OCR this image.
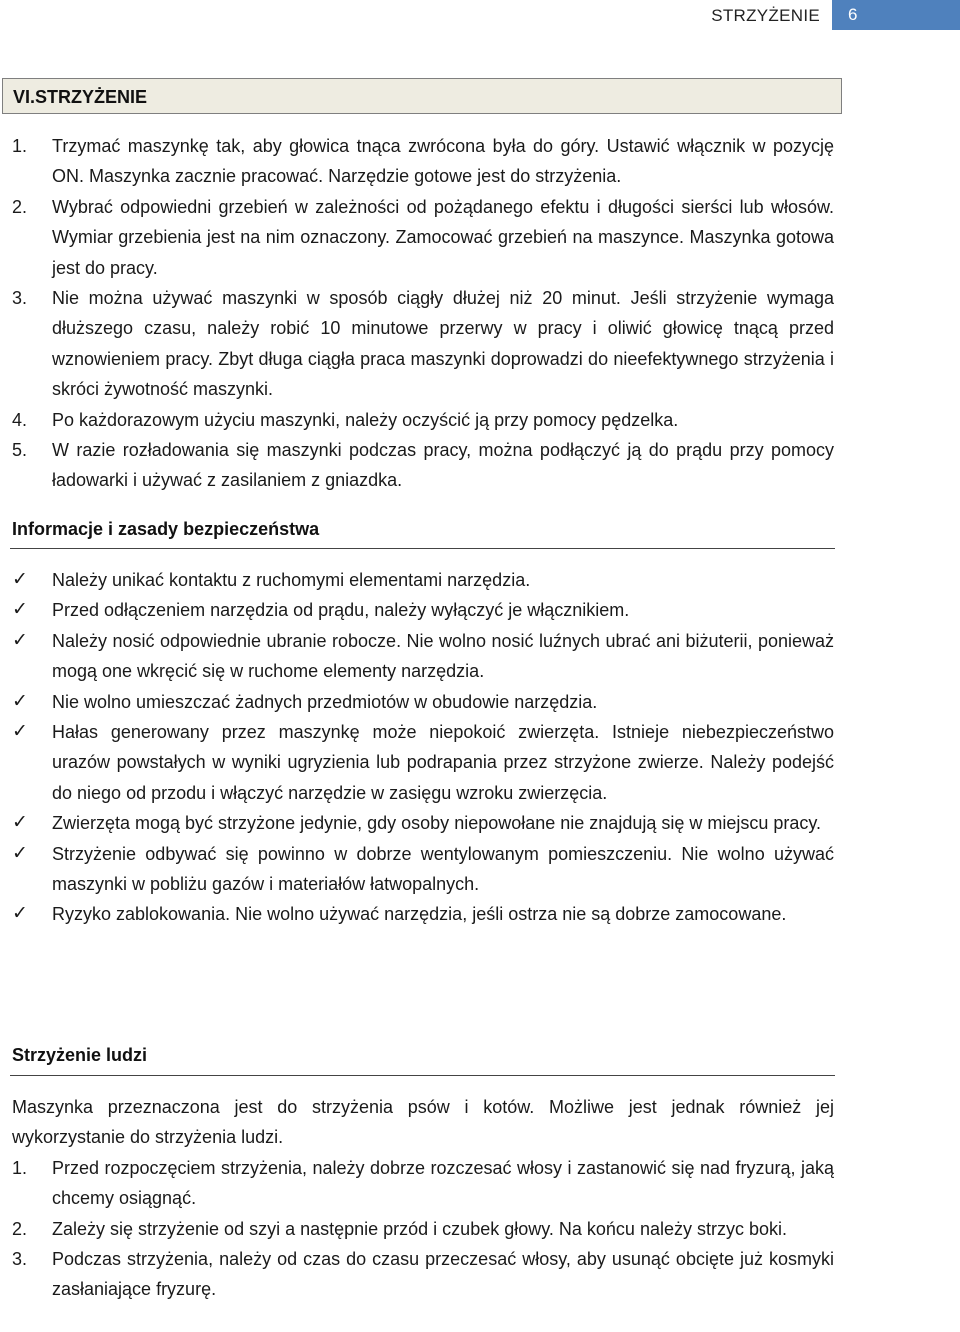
STRZYŻENIE	6
VI.STRZYŻENIE
1. Trzymać maszynkę tak, aby głowica tnąca zwrócona była do góry. Ustawić włącznik w pozycję ON. Maszynka zacznie pracować. Narzędzie gotowe jest do strzyżenia.
2. Wybrać odpowiedni grzebień w zależności od pożądanego efektu i długości sierści lub włosów. Wymiar grzebienia jest na nim oznaczony. Zamocować grzebień na maszynce. Maszynka gotowa jest do pracy.
3. Nie można używać maszynki w sposób ciągły dłużej niż 20 minut. Jeśli strzyżenie wymaga dłuższego czasu, należy robić 10 minutowe przerwy w pracy i oliwić głowicę tnącą przed wznowieniem pracy. Zbyt długa ciągła praca maszynki doprowadzi do nieefektywnego strzyżenia i skróci żywotność maszynki.
4. Po każdorazowym użyciu maszynki, należy oczyścić ją przy pomocy pędzelka.
5. W razie rozładowania się maszynki podczas pracy, można podłączyć ją do prądu przy pomocy ładowarki i używać z zasilaniem z gniazdka.
Informacje i zasady bezpieczeństwa
✓ Należy unikać kontaktu z ruchomymi elementami narzędzia.
✓ Przed odłączeniem narzędzia od prądu, należy wyłączyć je włącznikiem.
✓ Należy nosić odpowiednie ubranie robocze. Nie wolno nosić luźnych ubrać ani biżuterii, ponieważ mogą one wkręcić się w ruchome elementy narzędzia.
✓ Nie wolno umieszczać żadnych przedmiotów w obudowie narzędzia.
✓ Hałas generowany przez maszynkę może niepokoić zwierzęta. Istnieje niebezpieczeństwo urazów powstałych w wyniki ugryzienia lub podrapania przez strzyżone zwierze. Należy podejść do niego od przodu i włączyć narzędzie w zasięgu wzroku zwierzęcia.
✓ Zwierzęta mogą być strzyżone jedynie, gdy osoby niepowołane nie znajdują się w miejscu pracy.
✓ Strzyżenie odbywać się powinno w dobrze wentylowanym pomieszczeniu. Nie wolno używać maszynki w pobliżu gazów i materiałów łatwopalnych.
✓ Ryzyko zablokowania. Nie wolno używać narzędzia, jeśli ostrza nie są dobrze zamocowane.
Strzyżenie ludzi
Maszynka przeznaczona jest do strzyżenia psów i kotów. Możliwe jest jednak również jej wykorzystanie do strzyżenia ludzi.
1. Przed rozpoczęciem strzyżenia, należy dobrze rozczesać włosy i zastanowić się nad fryzurą, jaką chcemy osiągnąć.
2. Zależy się strzyżenie od szyi a następnie przód i czubek głowy. Na końcu należy strzyc boki.
3. Podczas strzyżenia, należy od czas do czasu przeczesać włosy, aby usunąć obcięte już kosmyki zasłaniające fryzurę.
